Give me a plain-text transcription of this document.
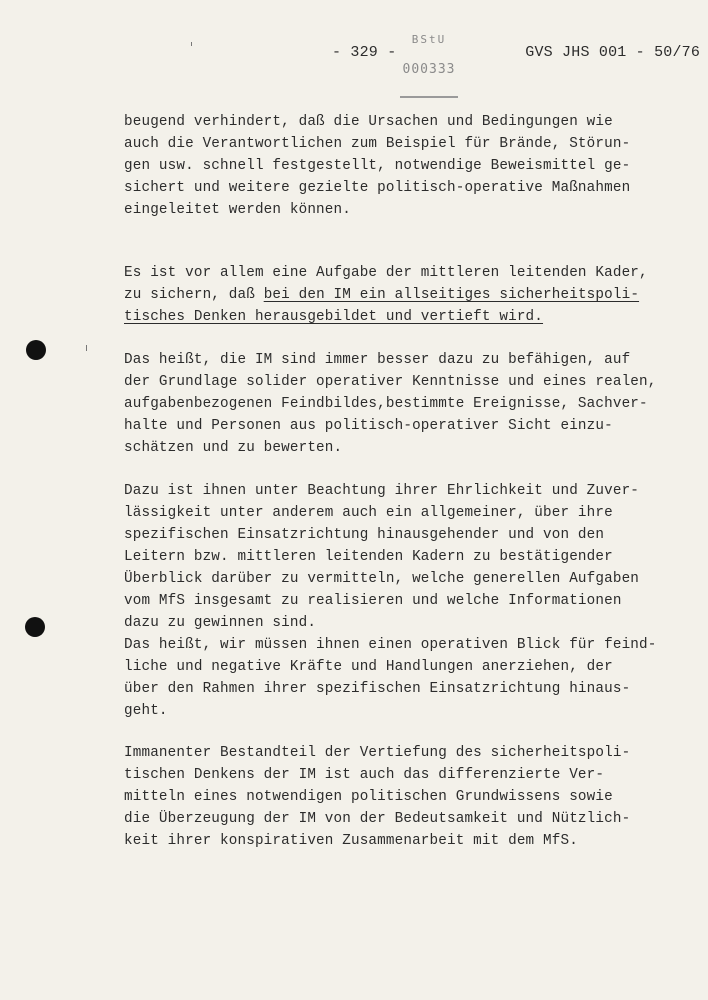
- 329 -	GVS JHS 001 - 50/76
BStU
000333
beugend verhindert, daß die Ursachen und Bedingungen wie
auch die Verantwortlichen zum Beispiel für Brände, Störun-
gen usw. schnell festgestellt, notwendige Beweismittel ge-
sichert und weitere gezielte politisch-operative Maßnahmen
eingeleitet werden können.
Es ist vor allem eine Aufgabe der mittleren leitenden Kader,
zu sichern, daß bei den IM ein allseitiges sicherheitspoli-
tisches Denken herausgebildet und vertieft wird.
Das heißt, die IM sind immer besser dazu zu befähigen, auf
der Grundlage solider operativer Kenntnisse und eines realen,
aufgabenbezogenen Feindbildes,bestimmte Ereignisse, Sachver-
halte und Personen aus politisch-operativer Sicht einzu-
schätzen und zu bewerten.
Dazu ist ihnen unter Beachtung ihrer Ehrlichkeit und Zuver-
lässigkeit unter anderem auch ein allgemeiner, über ihre
spezifischen Einsatzrichtung hinausgehender und von den
Leitern bzw. mittleren leitenden Kadern zu bestätigender
Überblick darüber zu vermitteln, welche generellen Aufgaben
vom MfS insgesamt zu realisieren und welche Informationen
dazu zu gewinnen sind.
Das heißt, wir müssen ihnen einen operativen Blick für feind-
liche und negative Kräfte und Handlungen anerziehen, der
über den Rahmen ihrer spezifischen Einsatzrichtung hinaus-
geht.
Immanenter Bestandteil der Vertiefung des sicherheitspoli-
tischen Denkens der IM ist auch das differenzierte Ver-
mitteln eines notwendigen politischen Grundwissens sowie
die Überzeugung der IM von der Bedeutsamkeit und Nützlich-
keit ihrer konspirativen Zusammenarbeit mit dem MfS.
